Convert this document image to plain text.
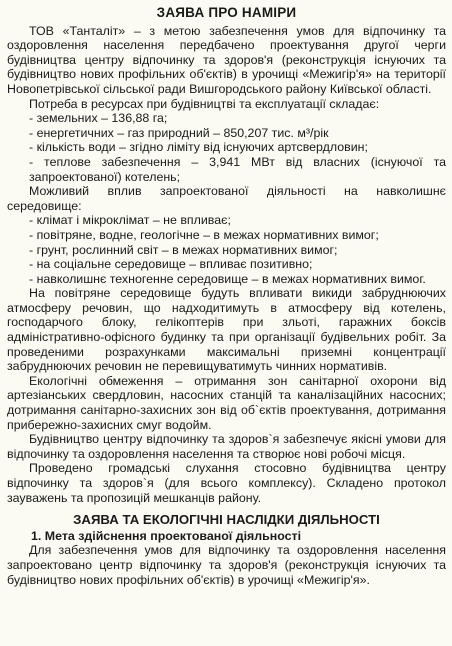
ЗАЯВА ПРО НАМІРИ

ТОВ «Танталіт» – з метою забезпечення умов для відпочинку та оздоровлення населення передбачено проектування другої черги будівництва центру відпочинку та здоров'я (реконструкція існуючих та будівництво нових профільних об'єктів) в урочищі «Межигір'я» на території Новопетрівської сільської ради Вишгородського району Київської області.

Потреба в ресурсах при будівництві та експлуатації складає:

- земельних – 136,88 га;
- енергетичних – газ природний – 850,207 тис. м³/рік
- кількість води – згідно ліміту від існуючих артсвердловин;
- теплове забезпечення – 3,941 МВт від власних (існуючої та запроектованої) котелень;

Можливий вплив запроектованої діяльності на навколишнє середовище:

- клімат і мікроклімат – не впливає;
- повітряне, водне, геологічне – в межах нормативних вимог;
- грунт, рослинний світ – в межах нормативних вимог;
- на соціальне середовище – впливає позитивно;
- навколишнє техногенне середовище – в межах нормативних вимог.

На повітряне середовище будуть впливати викиди забруднюючих атмосферу речовин, що надходитимуть в атмосферу від котелень, господарчого блоку, гелікоптерів при зльоті, гаражних боксів адміністративно-офісного будинку та при організації будівельних робіт. За проведеними розрахунками максимальні приземні концентрації забруднюючих речовин не перевищуватимуть чинних нормативів.

Екологічні обмеження – отримання зон санітарної охорони від артезіанських свердловин, насосних станцій та каналізаційних насосних; дотримання санітарно-захисних зон від об`єктів проектування, дотримання прибережно-захисних смуг водойм.

Будівництво центру відпочинку та здоров`я забезпечує якісні умови для відпочинку та оздоровлення населення та створює нові робочі місця.

Проведено громадські слухання стосовно будівництва центру відпочинку та здоров`я (для всього комплексу). Складено протокол зауважень та пропозицій мешканців району.

ЗАЯВА ТА ЕКОЛОГІЧНІ НАСЛІДКИ ДІЯЛЬНОСТІ
1. Мета здійснення проектованої діяльності

Для забезпечення умов для відпочинку та оздоровлення населення запроектовано центр відпочинку та здоров'я (реконструкція існуючих та будівництво нових профільних об'єктів) в урочищі «Межигір'я».
